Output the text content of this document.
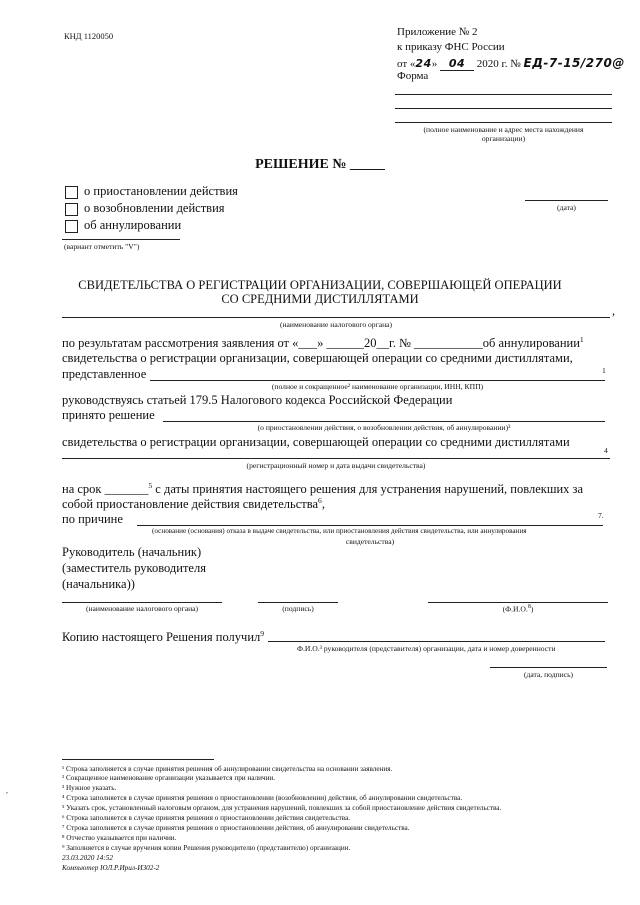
КНД 1120050	Приложение № 2
к приказу ФНС России
от «24» 04 2020 г. № ЕД-7-15/270@
Форма
(полное наименование и адрес места нахождения
организации)
РЕШЕНИЕ № _____
о приостановлении действия
о возобновлении действия
об аннулировании
(вариант отметить "V")
(дата)
СВИДЕТЕЛЬСТВА О РЕГИСТРАЦИИ ОРГАНИЗАЦИИ, СОВЕРШАЮЩЕЙ ОПЕРАЦИИ
СО СРЕДНИМИ ДИСТИЛЛЯТАМИ
,
(наименование налогового органа)
по результатам рассмотрения заявления от «___» ______20__г. № ___________об аннулировании$^1$
свидетельства о регистрации организации, совершающей операции со средними дистиллятами,
представленное	1
(полное и сокращенное² наименование организации, ИНН, КПП)
руководствуясь статьей 179.5 Налогового кодекса Российской Федерации
принято решение
(о приостановлении действия, о возобновлении действия, об аннулировании)³
свидетельства о регистрации организации, совершающей операции со средними дистиллятами
4
(регистрационный номер и дата выдачи свидетельства)
на срок _______$^5$ с даты принятия настоящего решения для устранения нарушений, повлекших за
собой приостановление действия свидетельства$^6$,
по причине	7.
(основание (основания) отказа в выдаче свидетельства, или приостановления действия свидетельства, или аннулирования
свидетельства)
Руководитель (начальник)
(заместитель руководителя
(начальника))
(наименование налогового органа)	(подпись)	(Ф.И.О.$^8$)
Копию настоящего Решения получил$^9$
Ф.И.О.³ руководителя (представителя) организации, дата и номер доверенности
(дата, подпись)
¹ Строка заполняется в случае принятия решения об аннулировании свидетельства на основании заявления.
² Сокращенное наименование организации указывается при наличии.
³ Нужное указать.
⁴ Строка заполняется в случае принятия решения о приостановлении (возобновлении) действия, об аннулировании свидетельства.
⁵ Указать срок, установленный налоговым органом, для устранения нарушений, повлекших за собой приостановление действия свидетельства.
⁶ Строка заполняется в случае принятия решения о приостановлении действия свидетельства.
⁷ Строка заполняется в случае принятия решения о приостановлении действия, об аннулировании свидетельства.
⁸ Отчество указывается при наличии.
⁹ Заполняется в случае вручения копии Решения руководителю (представителю) организации.
23.03.2020 14:52
Компьютер ЮЛ.Р.Ирил-И302-2
,
